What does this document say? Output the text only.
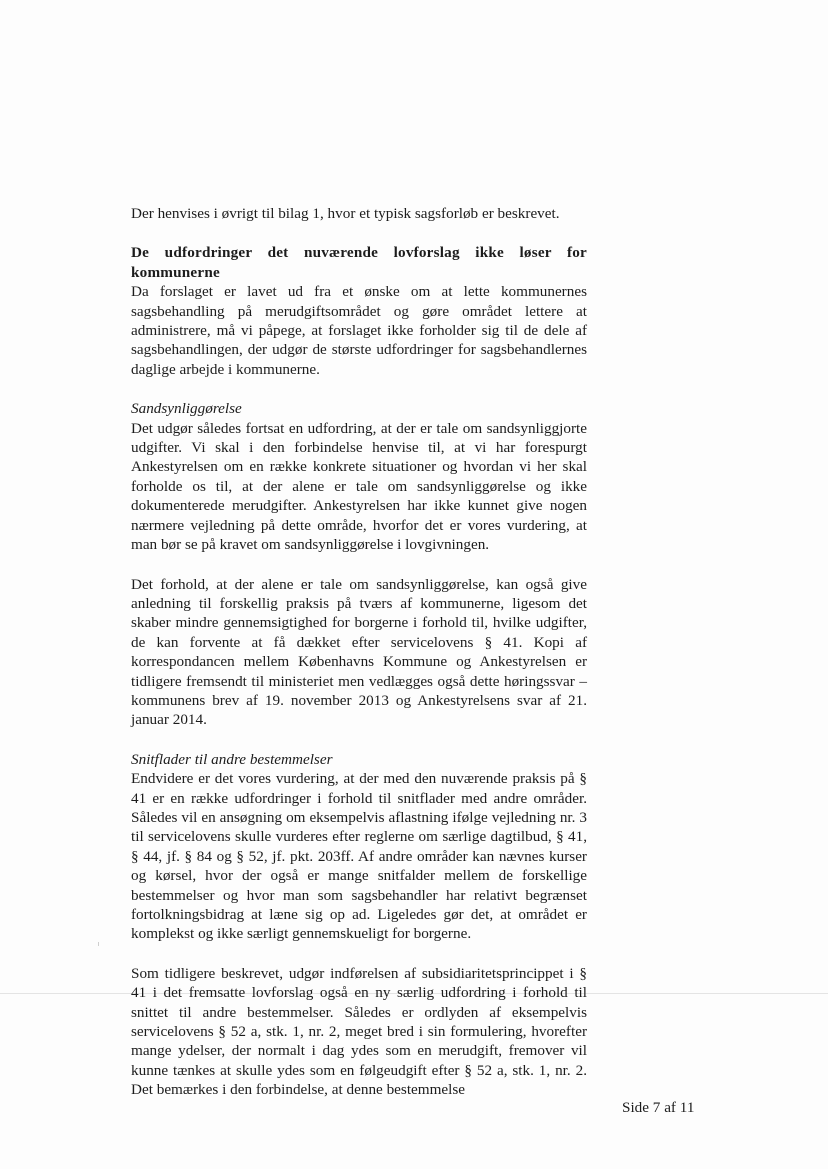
Der henvises i øvrigt til bilag 1, hvor et typisk sagsforløb er beskrevet.

De udfordringer det nuværende lovforslag ikke løser for kommunerne

Da forslaget er lavet ud fra et ønske om at lette kommunernes sagsbehandling på merudgiftsområdet og gøre området lettere at administrere, må vi påpege, at forslaget ikke forholder sig til de dele af sagsbehandlingen, der udgør de største udfordringer for sagsbehandlernes daglige arbejde i kommunerne.

Sandsynliggørelse

Det udgør således fortsat en udfordring, at der er tale om sandsynliggjorte udgifter. Vi skal i den forbindelse henvise til, at vi har forespurgt Ankestyrelsen om en række konkrete situationer og hvordan vi her skal forholde os til, at der alene er tale om sandsynliggørelse og ikke dokumenterede merudgifter. Ankestyrelsen har ikke kunnet give nogen nærmere vejledning på dette område, hvorfor det er vores vurdering, at man bør se på kravet om sandsynliggørelse i lovgivningen.

Det forhold, at der alene er tale om sandsynliggørelse, kan også give anledning til forskellig praksis på tværs af kommunerne, ligesom det skaber mindre gennemsigtighed for borgerne i forhold til, hvilke udgifter, de kan forvente at få dækket efter servicelovens § 41. Kopi af korrespondancen mellem Københavns Kommune og Ankestyrelsen er tidligere fremsendt til ministeriet men vedlægges også dette høringssvar – kommunens brev af 19. november 2013 og Ankestyrelsens svar af 21. januar 2014.

Snitflader til andre bestemmelser

Endvidere er det vores vurdering, at der med den nuværende praksis på § 41 er en række udfordringer i forhold til snitflader med andre områder. Således vil en ansøgning om eksempelvis aflastning ifølge vejledning nr. 3 til servicelovens skulle vurderes efter reglerne om særlige dagtilbud, § 41, § 44, jf. § 84 og § 52, jf. pkt. 203ff. Af andre områder kan nævnes kurser og kørsel, hvor der også er mange snitfalder mellem de forskellige bestemmelser og hvor man som sagsbehandler har relativt begrænset fortolkningsbidrag at læne sig op ad. Ligeledes gør det, at området er komplekst og ikke særligt gennemskueligt for borgerne.

Som tidligere beskrevet, udgør indførelsen af subsidiaritetsprincippet i § 41 i det fremsatte lovforslag også en ny særlig udfordring i forhold til snittet til andre bestemmelser. Således er ordlyden af eksempelvis servicelovens § 52 a, stk. 1, nr. 2, meget bred i sin formulering, hvorefter mange ydelser, der normalt i dag ydes som en merudgift, fremover vil kunne tænkes at skulle ydes som en følgeudgift efter § 52 a, stk. 1, nr. 2. Det bemærkes i den forbindelse, at denne bestemmelse

Side 7 af 11
